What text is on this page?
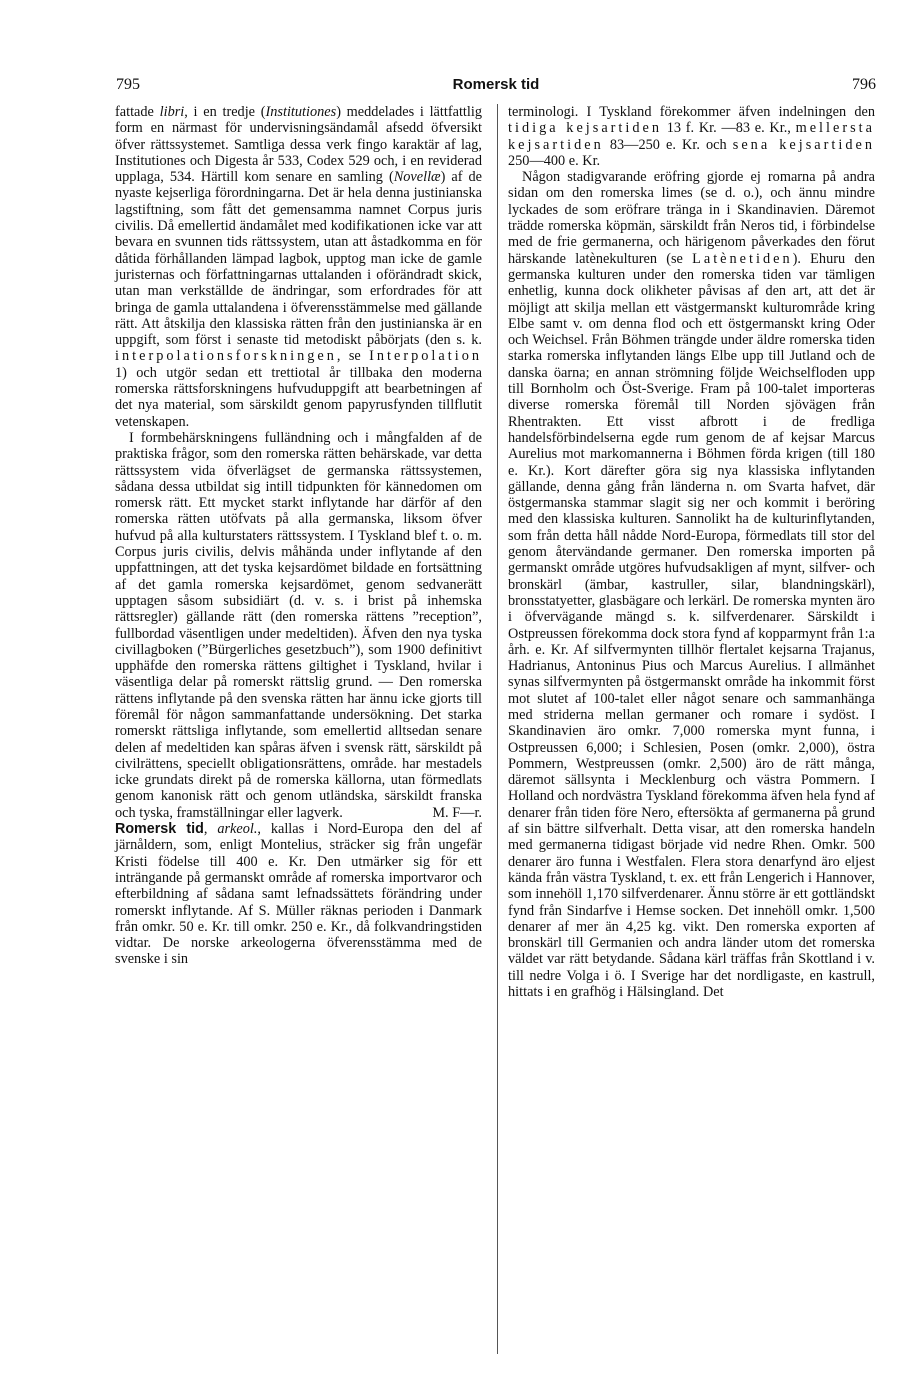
795	Romersk tid	796

fattade libri, i en tredje (Institutiones) meddelades i lättfattlig form en närmast för undervisningsändamål afsedd öfversikt öfver rättssystemet. Samtliga dessa verk fingo karaktär af lag, Institutiones och Digesta år 533, Codex 529 och, i en reviderad upplaga, 534. Härtill kom senare en samling (Novellæ) af de nyaste kejserliga förordningarna. Det är hela denna justinianska lagstiftning, som fått det gemensamma namnet Corpus juris civilis. Då emellertid ändamålet med kodifikationen icke var att bevara en svunnen tids rättssystem, utan att åstadkomma en för dåtida förhållanden lämpad lagbok, upptog man icke de gamle juristernas och författningarnas uttalanden i oförändradt skick, utan man verkställde de ändringar, som erfordrades för att bringa de gamla uttalandena i öfverensstämmelse med gällande rätt. Att åtskilja den klassiska rätten från den justinianska är en uppgift, som först i senaste tid metodiskt påbörjats (den s. k. interpolationsforskningen, se Interpolation 1) och utgör sedan ett trettiotal år tillbaka den moderna romerska rättsforskningens hufvuduppgift att bearbetningen af det nya material, som särskildt genom papyrusfynden tillflutit vetenskapen.

I formbehärskningens fulländning och i mångfalden af de praktiska frågor, som den romerska rätten behärskade, var detta rättssystem vida öfverlägset de germanska rättssystemen, sådana dessa utbildat sig intill tidpunkten för kännedomen om romersk rätt. Ett mycket starkt inflytande har därför af den romerska rätten utöfvats på alla germanska, liksom öfver hufvud på alla kulturstaters rättssystem. I Tyskland blef t. o. m. Corpus juris civilis, delvis måhända under inflytande af den uppfattningen, att det tyska kejsardömet bildade en fortsättning af det gamla romerska kejsardömet, genom sedvanerätt upptagen såsom subsidiärt (d. v. s. i brist på inhemska rättsregler) gällande rätt (den romerska rättens ”reception”, fullbordad väsentligen under medeltiden). Äfven den nya tyska civillagboken (”Bürgerliches gesetzbuch”), som 1900 definitivt upphäfde den romerska rättens giltighet i Tyskland, hvilar i väsentliga delar på romerskt rättslig grund. — Den romerska rättens inflytande på den svenska rätten har ännu icke gjorts till föremål för någon sammanfattande undersökning. Det starka romerskt rättsliga inflytande, som emellertid alltsedan senare delen af medeltiden kan spåras äfven i svensk rätt, särskildt på civilrättens, speciellt obligationsrättens, område. har mestadels icke grundats direkt på de romerska källorna, utan förmedlats genom kanonisk rätt och genom utländska, särskildt franska och tyska, framställningar eller lagverk.	M. F—r.

Romersk tid, arkeol., kallas i Nord-Europa den del af järnåldern, som, enligt Montelius, sträcker sig från ungefär Kristi födelse till 400 e. Kr. Den utmärker sig för ett inträngande på germanskt område af romerska importvaror och efterbildning af sådana samt lefnadssättets förändring under romerskt inflytande. Af S. Müller räknas perioden i Danmark från omkr. 50 e. Kr. till omkr. 250 e. Kr., då folkvandringstiden vidtar. De norske arkeologerna öfverensstämma med de svenske i sin

terminologi. I Tyskland förekommer äfven indelningen den tidiga kejsartiden 13 f. Kr. —83 e. Kr., mellersta kejsartiden 83—250 e. Kr. och sena kejsartiden 250—400 e. Kr.

Någon stadigvarande eröfring gjorde ej romarna på andra sidan om den romerska limes (se d. o.), och ännu mindre lyckades de som eröfrare tränga in i Skandinavien. Däremot trädde romerska köpmän, särskildt från Neros tid, i förbindelse med de frie germanerna, och härigenom påverkades den förut härskande latènekulturen (se Latènetiden). Ehuru den germanska kulturen under den romerska tiden var tämligen enhetlig, kunna dock olikheter påvisas af den art, att det är möjligt att skilja mellan ett västgermanskt kulturområde kring Elbe samt v. om denna flod och ett östgermanskt kring Oder och Weichsel. Från Böhmen trängde under äldre romerska tiden starka romerska inflytanden längs Elbe upp till Jutland och de danska öarna; en annan strömning följde Weichselfloden upp till Bornholm och Öst-Sverige. Fram på 100-talet importeras diverse romerska föremål till Norden sjövägen från Rhentrakten. Ett visst afbrott i de fredliga handelsförbindelserna egde rum genom de af kejsar Marcus Aurelius mot markomannerna i Böhmen förda krigen (till 180 e. Kr.). Kort därefter göra sig nya klassiska inflytanden gällande, denna gång från länderna n. om Svarta hafvet, där östgermanska stammar slagit sig ner och kommit i beröring med den klassiska kulturen. Sannolikt ha de kulturinflytanden, som från detta håll nådde Nord-Europa, förmedlats till stor del genom återvändande germaner. Den romerska importen på germanskt område utgöres hufvudsakligen af mynt, silfver- och bronskärl (ämbar, kastruller, silar, blandningskärl), bronsstatyetter, glasbägare och lerkärl. De romerska mynten äro i öfvervägande mängd s. k. silfverdenarer. Särskildt i Ostpreussen förekomma dock stora fynd af kopparmynt från 1:a årh. e. Kr. Af silfvermynten tillhör flertalet kejsarna Trajanus, Hadrianus, Antoninus Pius och Marcus Aurelius. I allmänhet synas silfvermynten på östgermanskt område ha inkommit först mot slutet af 100-talet eller något senare och sammanhänga med striderna mellan germaner och romare i sydöst. I Skandinavien äro omkr. 7,000 romerska mynt funna, i Ostpreussen 6,000; i Schlesien, Posen (omkr. 2,000), östra Pommern, Westpreussen (omkr. 2,500) äro de rätt många, däremot sällsynta i Mecklenburg och västra Pommern. I Holland och nordvästra Tyskland förekomma äfven hela fynd af denarer från tiden före Nero, eftersökta af germanerna på grund af sin bättre silfverhalt. Detta visar, att den romerska handeln med germanerna tidigast började vid nedre Rhen. Omkr. 500 denarer äro funna i Westfalen. Flera stora denarfynd äro eljest kända från västra Tyskland, t. ex. ett från Lengerich i Hannover, som innehöll 1,170 silfverdenarer. Ännu större är ett gottländskt fynd från Sindarfve i Hemse socken. Det innehöll omkr. 1,500 denarer af mer än 4,25 kg. vikt. Den romerska exporten af bronskärl till Germanien och andra länder utom det romerska väldet var rätt betydande. Sådana kärl träffas från Skottland i v. till nedre Volga i ö. I Sverige har det nordligaste, en kastrull, hittats i en grafhög i Hälsingland. Det
